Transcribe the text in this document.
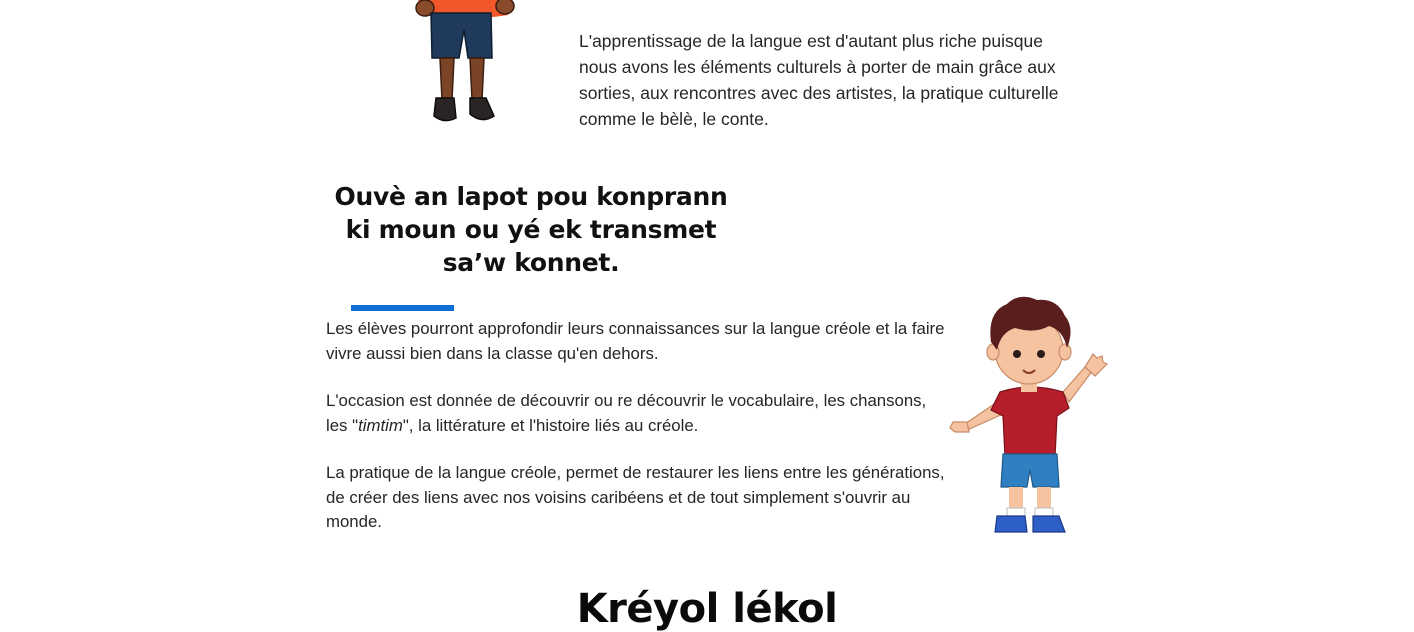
L'apprentissage de la langue est d'autant plus riche puisque nous avons les éléments culturels à porter de main grâce aux sorties, aux rencontres avec des artistes, la pratique culturelle comme le bèlè, le conte.
Ouvè an lapot pou konprann ki moun ou yé ek transmet sa’w konnet.

Les élèves pourront approfondir leurs connaissances sur la langue créole et la faire vivre aussi bien dans la classe qu'en dehors.

L'occasion est donnée de découvrir ou re découvrir le vocabulaire, les chansons, les "timtim", la littérature et l'histoire liés au créole.

La pratique de la langue créole, permet de restaurer les liens entre les générations, de créer des liens avec nos voisins caribéens et de tout simplement s'ouvrir au monde.

Kréyol lékol
